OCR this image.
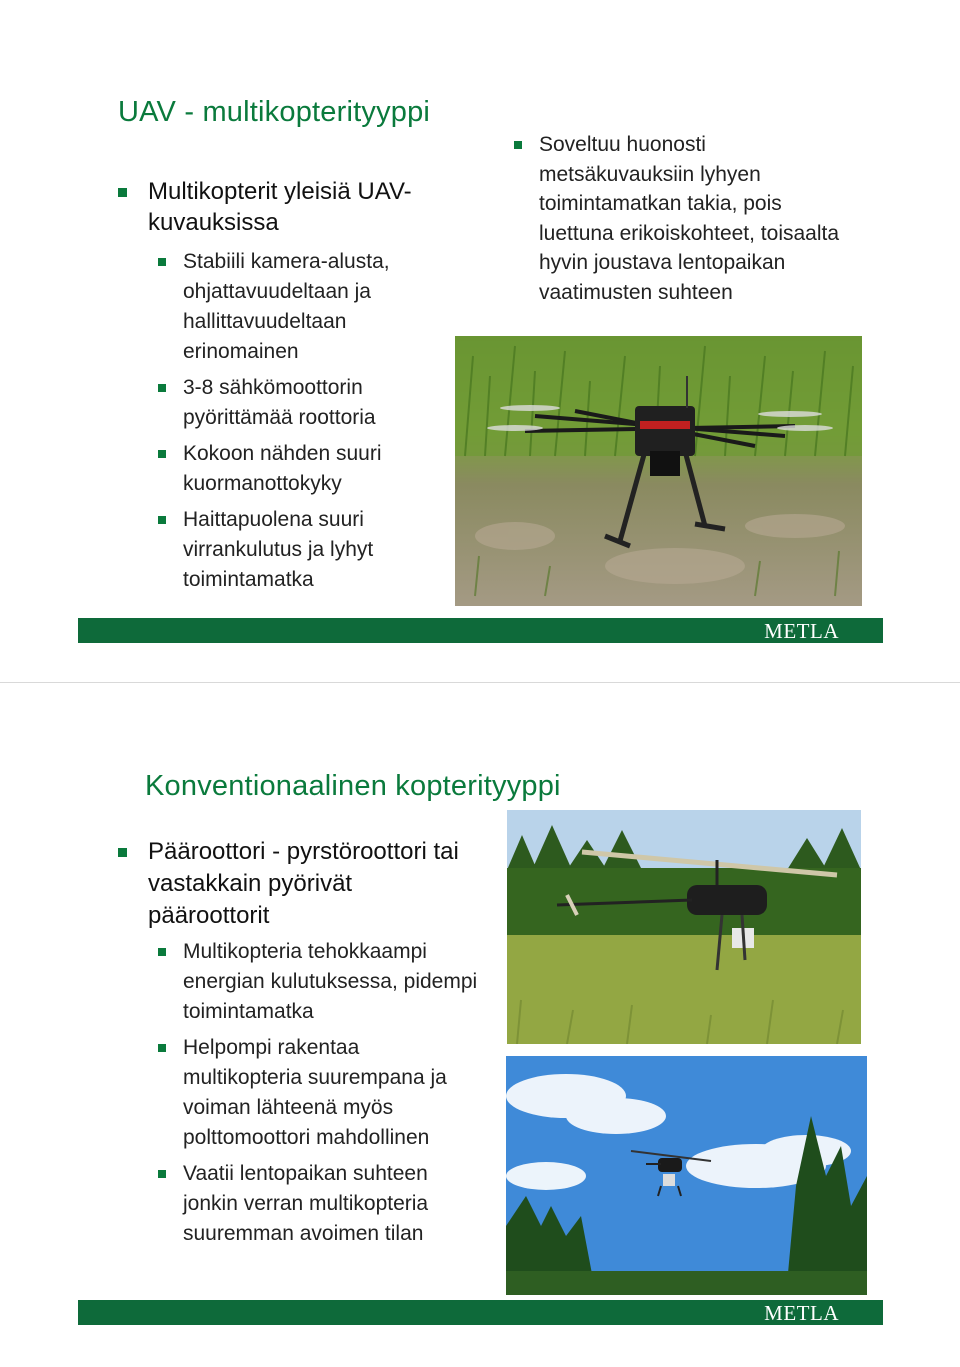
UAV - multikopterityyppi
Multikopterit yleisiä UAV-kuvauksissa
Stabiili kamera-alusta, ohjattavuudeltaan ja hallittavuudeltaan erinomainen
3-8 sähkömoottorin pyörittämää roottoria
Kokoon nähden suuri kuormanottokyky
Haittapuolena suuri virrankulutus ja lyhyt toimintamatka
Soveltuu huonosti metsäkuvauksiin lyhyen toimintamatkan takia, pois luettuna erikoiskohteet, toisaalta hyvin joustava lentopaikan vaatimusten suhteen
METLA
Konventionaalinen kopterityyppi
Pääroottori - pyrstöroottori tai vastakkain pyörivät pääroottorit
Multikopteria tehokkaampi energian kulutuksessa, pidempi toimintamatka
Helpompi rakentaa multikopteria suurempana ja voiman lähteenä myös polttomoottori mahdollinen
Vaatii lentopaikan suhteen jonkin verran multikopteria suuremman avoimen tilan
METLA
